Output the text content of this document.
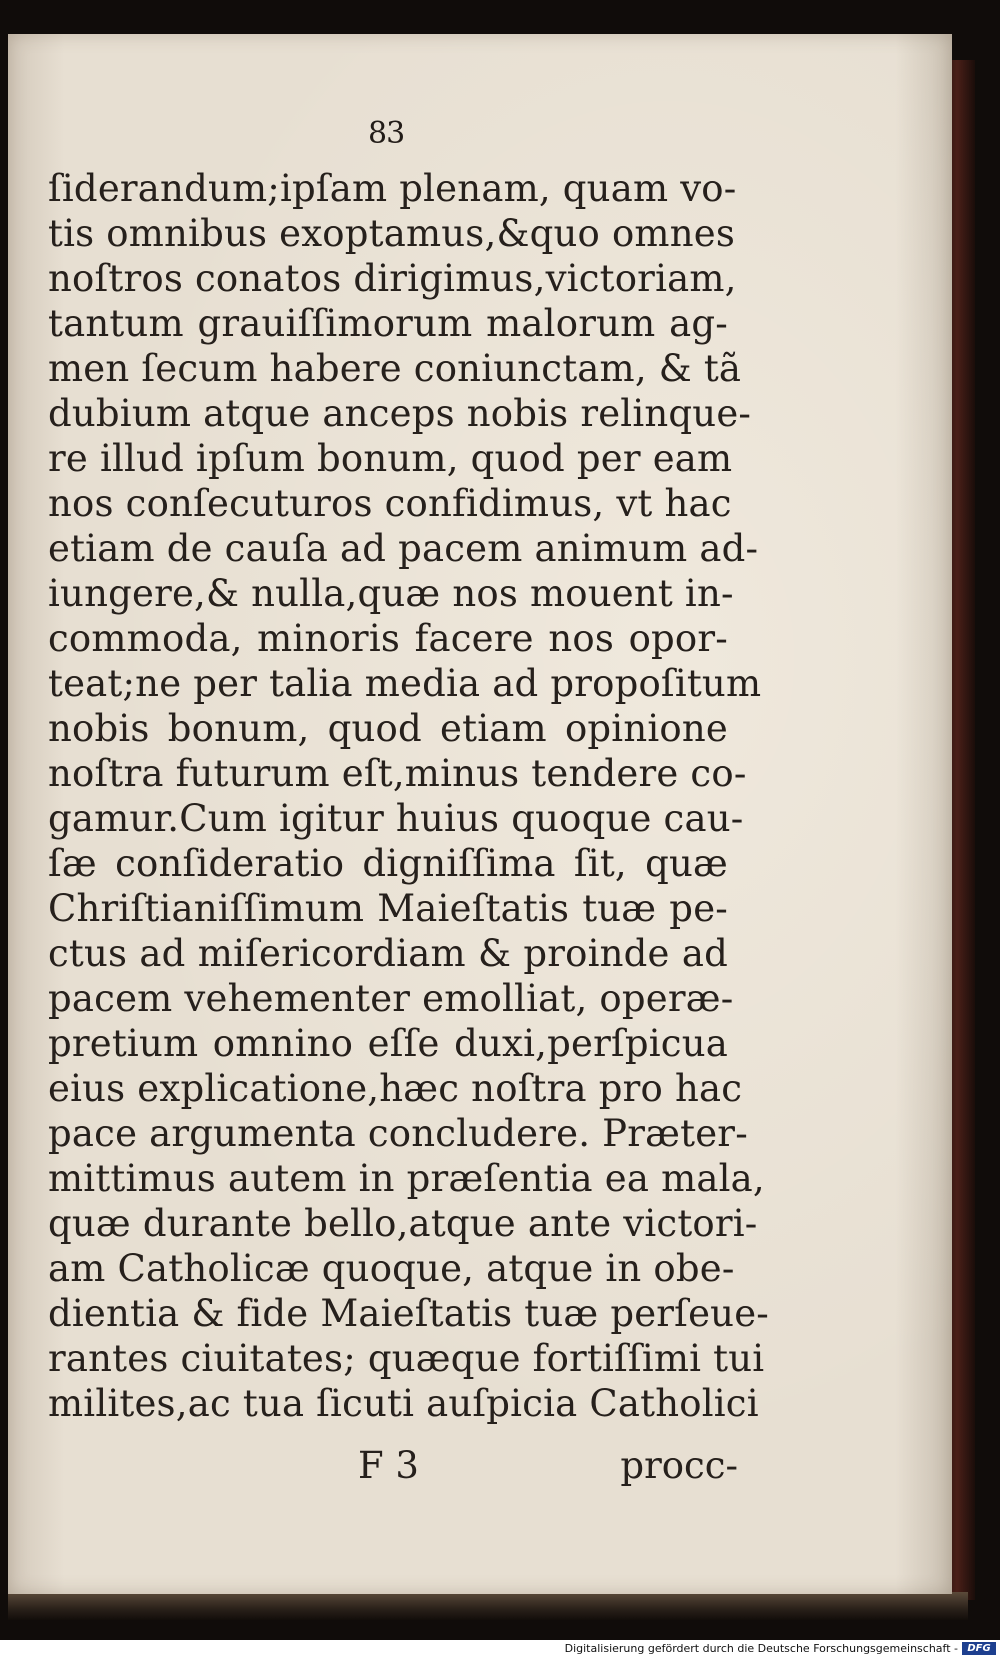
83
ſiderandum;ipſam plenam, quam vo-
tis omnibus exoptamus,&quo omnes
noſtros conatos dirigimus,victoriam,
tantum grauiſſimorum malorum ag-
men ſecum habere coniunctam, & tã
dubium atque anceps nobis relinque-
re illud ipſum bonum, quod per eam
nos conſecuturos confidimus, vt hac
etiam de cauſa ad pacem animum ad-
iungere,& nulla,quæ nos mouent in-
commoda, minoris facere nos opor-
teat;ne per talia media ad propoſitum
nobis bonum, quod etiam opinione
noſtra futurum eſt,minus tendere co-
gamur.Cum igitur huius quoque cau-
ſæ conſideratio digniſſima ſit, quæ
Chriſtianiſſimum Maieſtatis tuæ pe-
ctus ad miſericordiam & proinde ad
pacem vehementer emolliat, operæ-
pretium omnino eſſe duxi,perſpicua
eius explicatione,hæc noſtra pro hac
pace argumenta concludere. Præter-
mittimus autem in præſentia ea mala,
quæ durante bello,atque ante victori-
am Catholicæ quoque, atque in obe-
dientia & fide Maieſtatis tuæ perſeue-
rantes ciuitates; quæque fortiſſimi tui
milites,ac tua ſicuti auſpicia Catholici
F 3	procc-
Digitalisierung gefördert durch die Deutsche Forschungsgemeinschaft - DFG
